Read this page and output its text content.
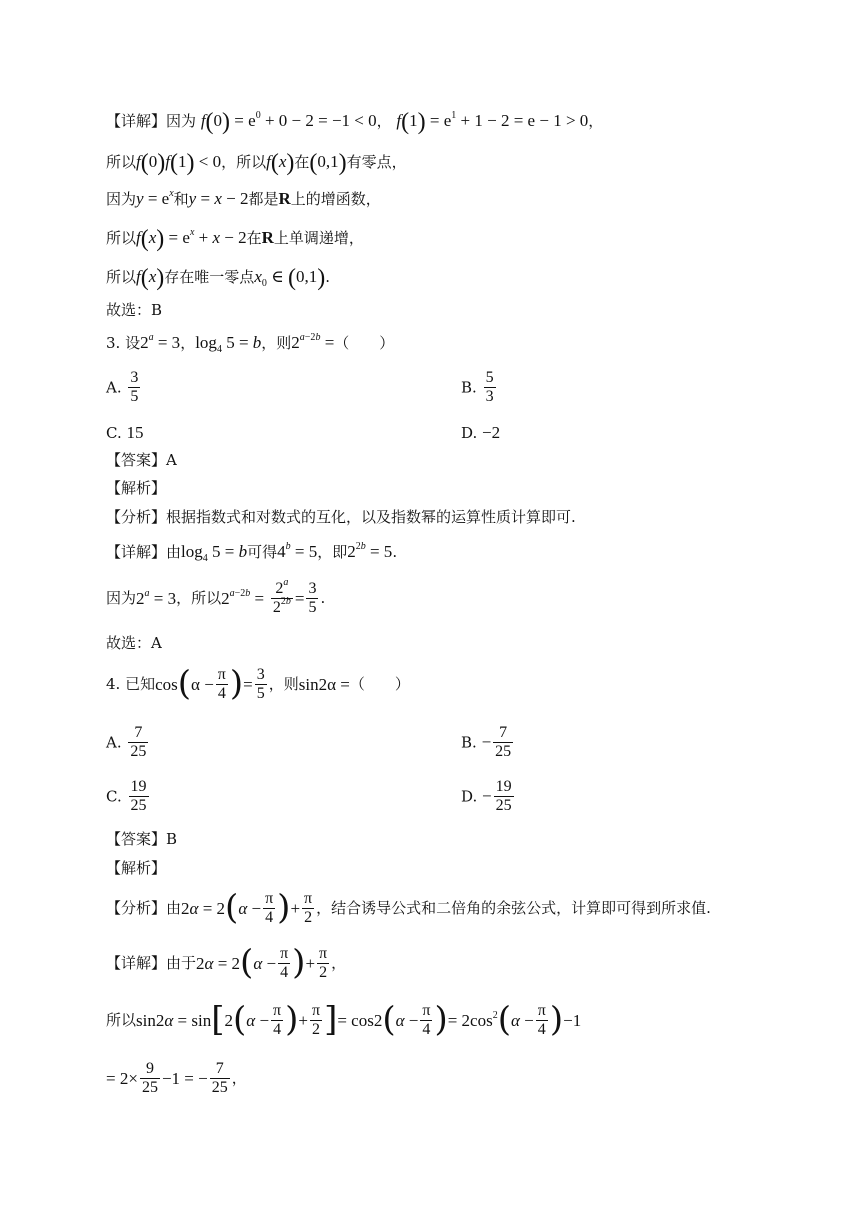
【详解】因为 $f(0) = e^0 + 0 - 2 = -1 < 0$， $f(1) = e^1 + 1 - 2 = e - 1 > 0$，
所以f(0)f(1) < 0，所以f(x)在(0,1)有零点，
因为$y = e^x$和y = x − 2都是R上的增函数，
所以$f(x) = e^x + x - 2$在R上单调递增，
所以f(x)存在唯一零点$x_0$ ∈ (0,1).
故选：B
3. 设$2^a = 3$，$\log_4 5 = b$，则$2^{a-2b}$ =（　　）
A. $\frac{3}{5}$	B. $\frac{5}{3}$
C. 15	D. −2
【答案】A
【解析】
【分析】根据指数式和对数式的互化，以及指数幂的运算性质计算即可.
【详解】由$\log_4 5 = b$可得$4^b = 5$，即$2^{2b} = 5$.
因为$2^a = 3$，所以$2^{a-2b} = \frac{2^a}{2^{2b}} = \frac{3}{5}$ .
故选：A
4. 已知$\cos(\alpha - \frac{\pi}{4}$ )= $\frac{3}{5}$ ，则sin2α =（　　）
A. $\frac{7}{25}$	B. − $\frac{7}{25}$
C. $\frac{19}{25}$	D. − $\frac{19}{25}$
【答案】B
【解析】
【分析】由$2\alpha = 2(\alpha - \frac{\pi}{4}$ )+ $\frac{\pi}{2}$ ，结合诱导公式和二倍角的余弦公式，计算即可得到所求值.
【详解】由于$2\alpha = 2(\alpha - \frac{\pi}{4}$ )+ $\frac{\pi}{2}$ ，
所以$\sin 2\alpha = \sin[2(\alpha - \frac{\pi}{4}$ )+ $\frac{\pi}{2}$ ]= $\cos 2(\alpha - \frac{\pi}{4}$ )= $2\cos^2(\alpha - \frac{\pi}{4} )-1$
= $2\times \frac{9}{25} -1$ = − $\frac{7}{25}$ ，
